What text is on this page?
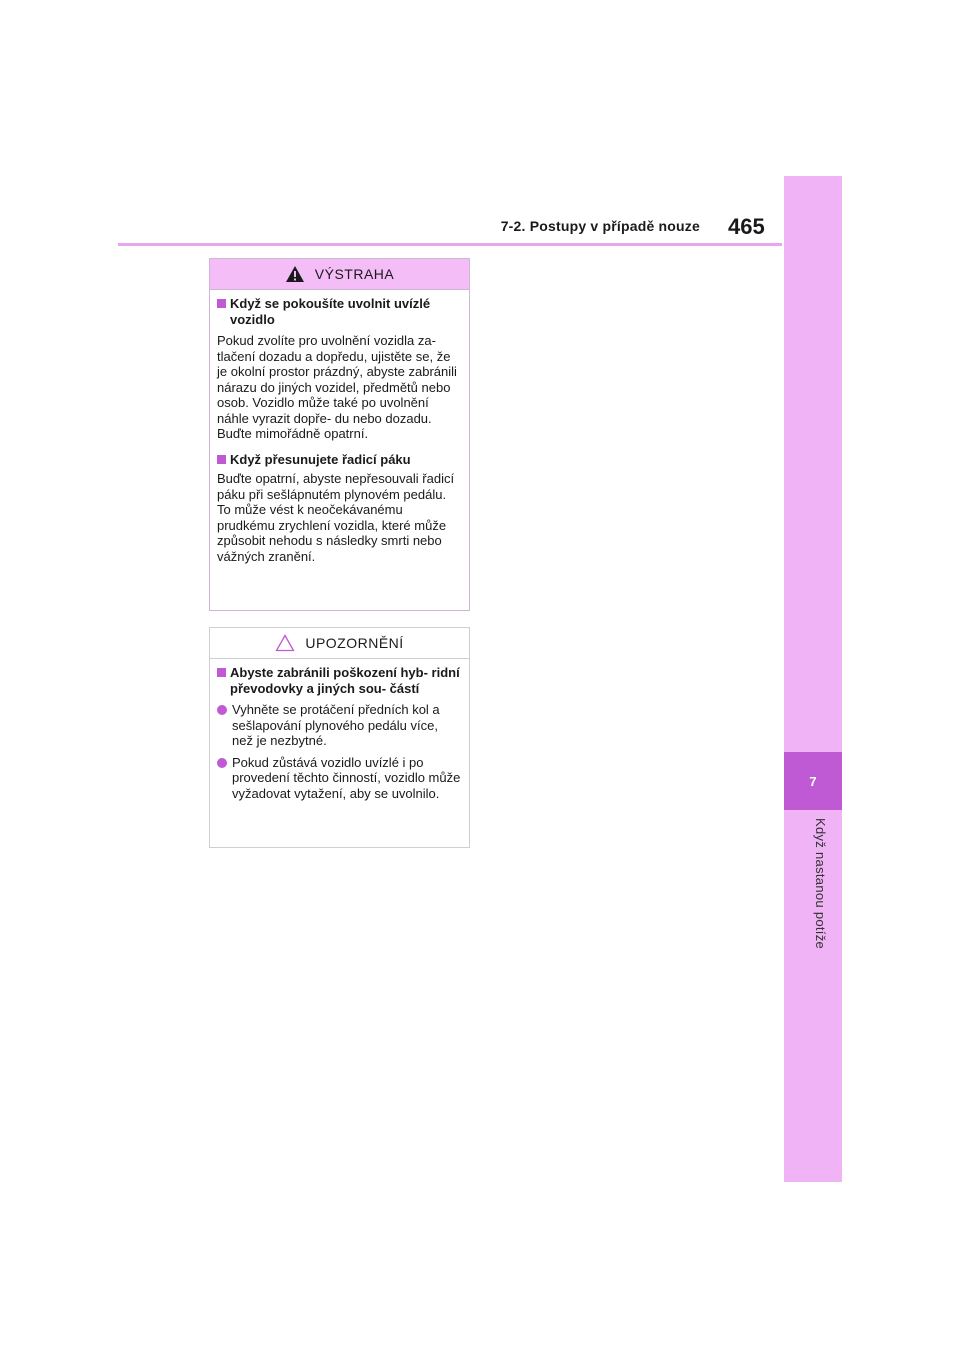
7-2. Postupy v případě nouze 465
7
Když nastanou potíže
VÝSTRAHA
Když se pokoušíte uvolnit uvízlé vozidlo

Pokud zvolíte pro uvolnění vozidla za- tlačení dozadu a dopředu, ujistěte se, že je okolní prostor prázdný, abyste zabránili nárazu do jiných vozidel, předmětů nebo osob. Vozidlo může také po uvolnění náhle vyrazit dopře- du nebo dozadu. Buďte mimořádně opatrní.

Když přesunujete řadicí páku

Buďte opatrní, abyste nepřesouvali řadicí páku při sešlápnutém plynovém pedálu.

To může vést k neočekávanému prudkému zrychlení vozidla, které může způsobit nehodu s následky smrti nebo vážných zranění.

UPOZORNĚNÍ
Abyste zabránili poškození hyb- ridní převodovky a jiných sou- částí
Vyhněte se protáčení předních kol a sešlapování plynového pedálu více, než je nezbytné.
Pokud zůstává vozidlo uvízlé i po provedení těchto činností, vozidlo může vyžadovat vytažení, aby se uvolnilo.
